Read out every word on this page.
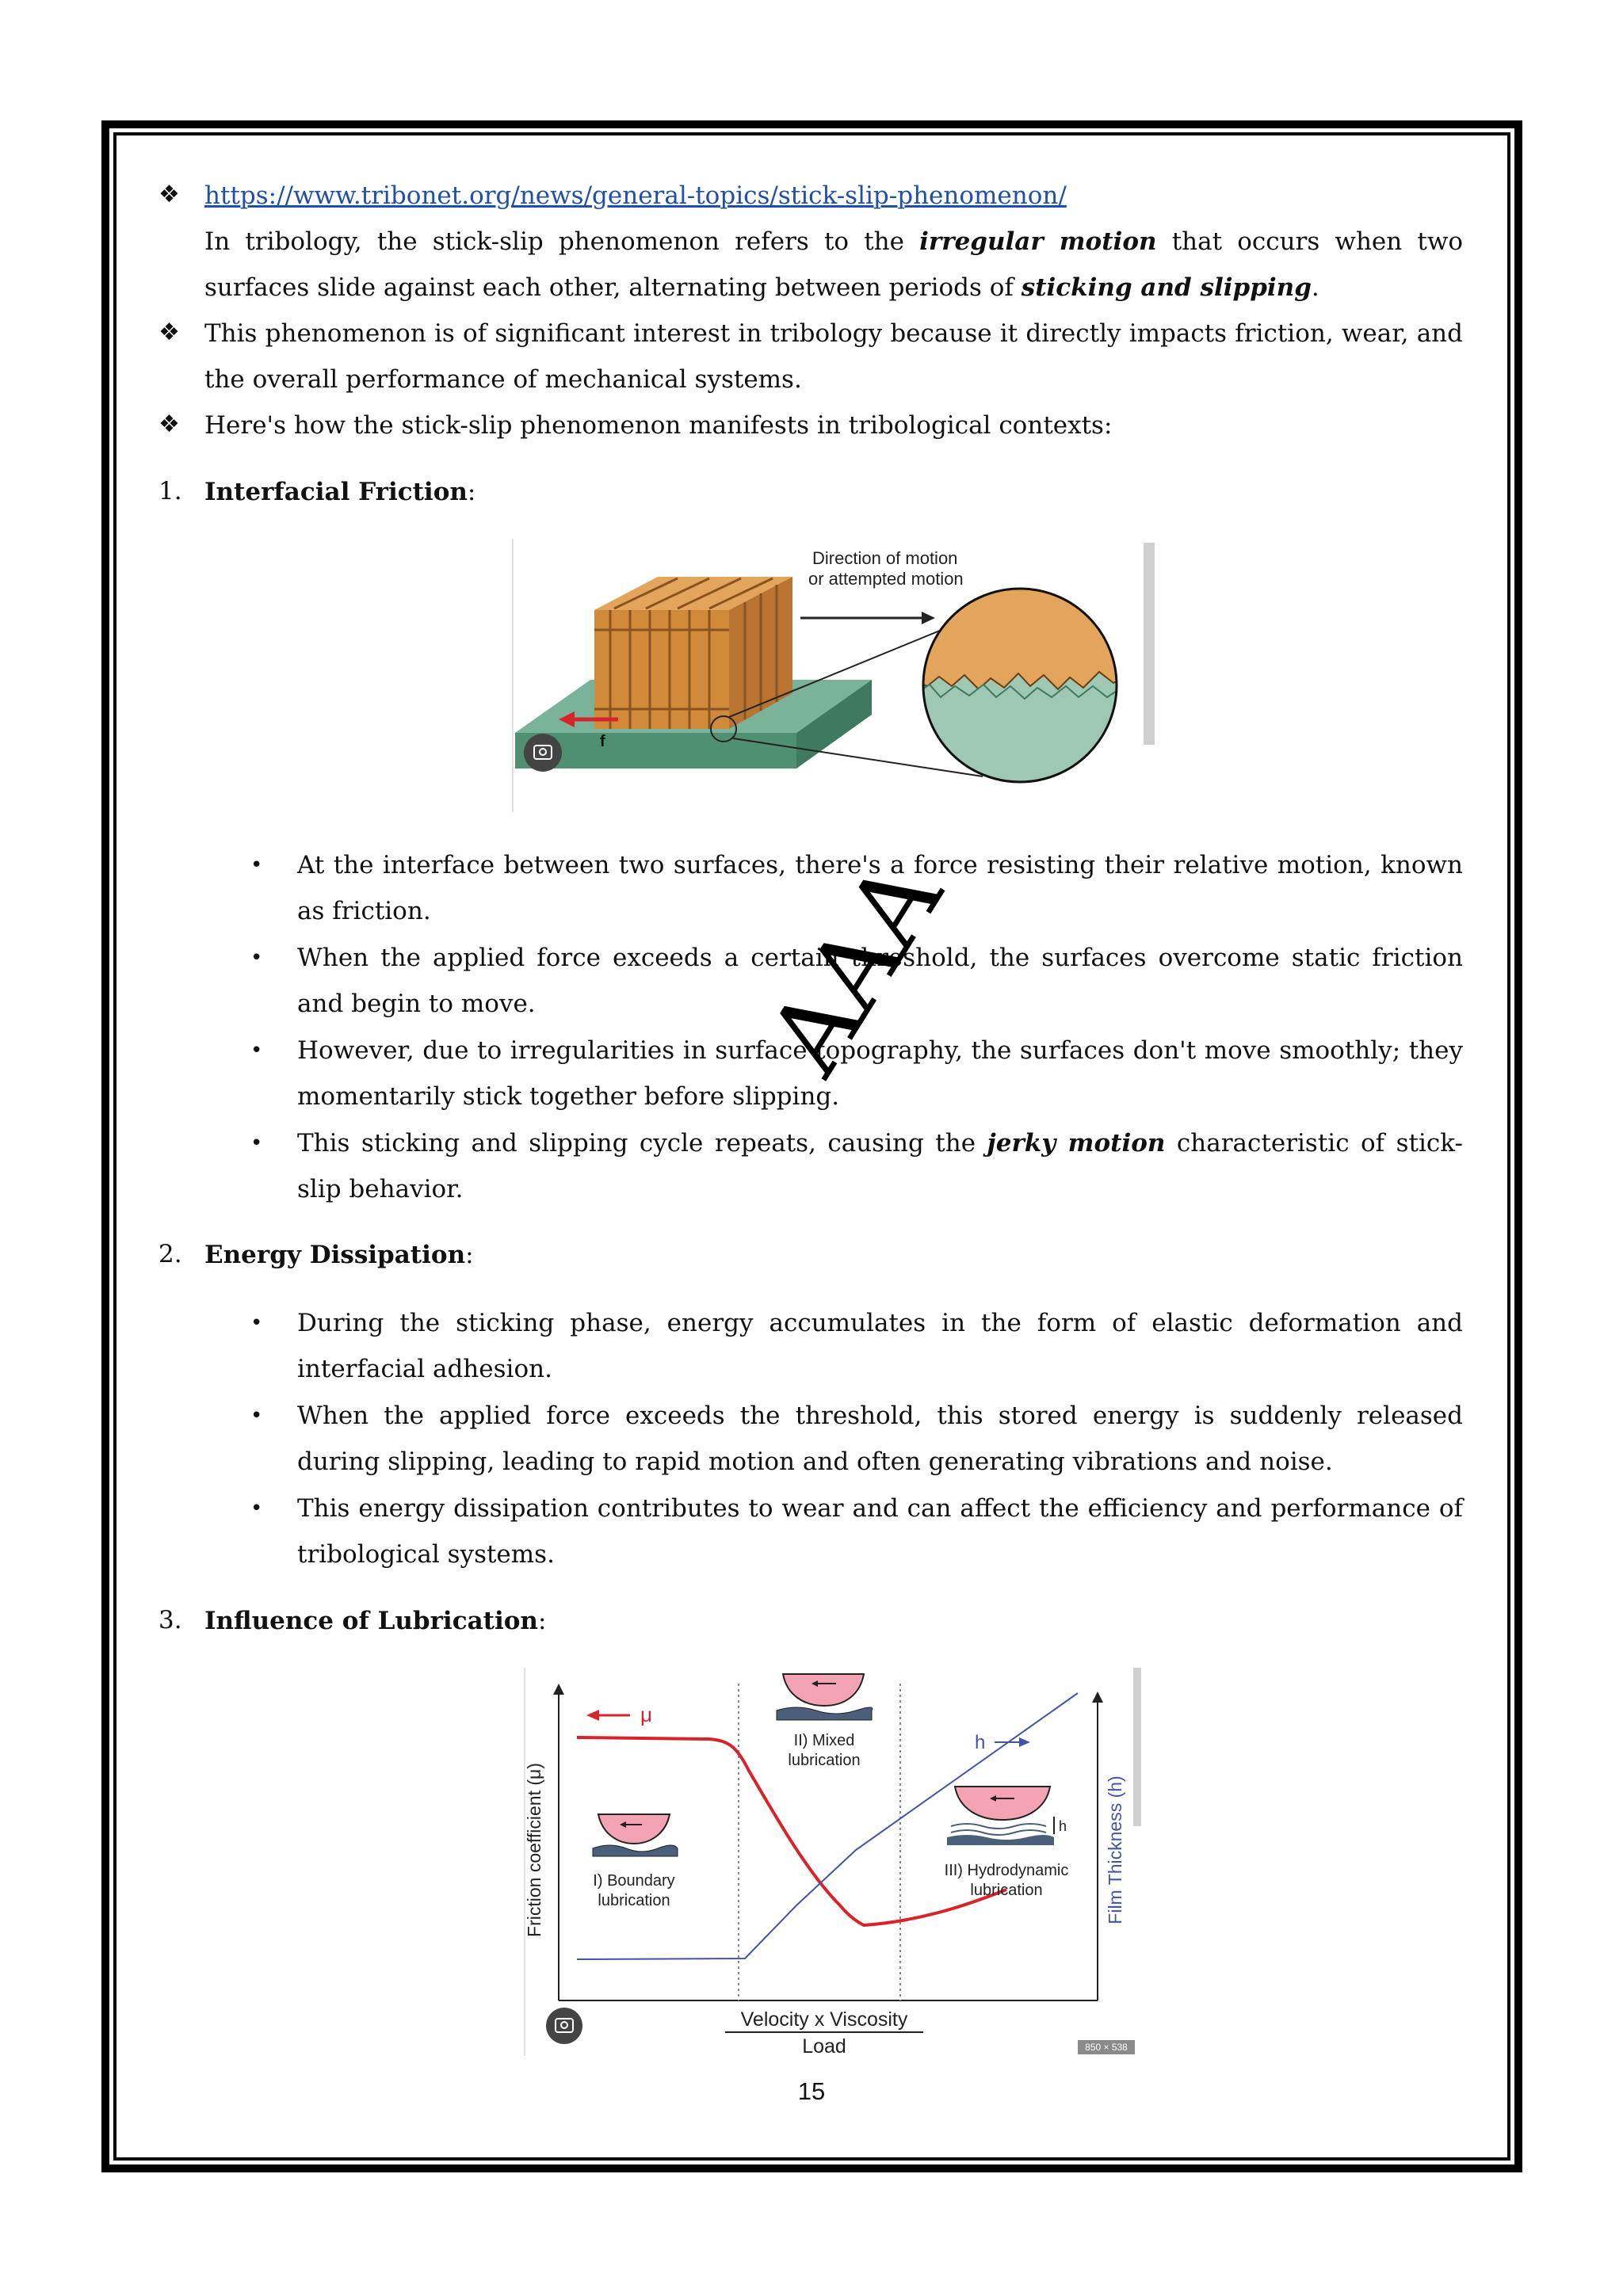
❖ https://www.tribonet.org/news/general-topics/stick-slip-phenomenon/
In tribology, the stick-slip phenomenon refers to the irregular motion that occurs when two surfaces slide against each other, alternating between periods of sticking and slipping.
❖ This phenomenon is of significant interest in tribology because it directly impacts friction, wear, and the overall performance of mechanical systems.
❖ Here's how the stick-slip phenomenon manifests in tribological contexts:
1. Interfacial Friction:
f
Direction of motion
or attempted motion
• At the interface between two surfaces, there's a force resisting their relative motion, known as friction.
• When the applied force exceeds a certain threshold, the surfaces overcome static friction and begin to move.
• However, due to irregularities in surface topography, the surfaces don't move smoothly; they momentarily stick together before slipping.
• This sticking and slipping cycle repeats, causing the jerky motion characteristic of stick-slip behavior.
AAA
2. Energy Dissipation:
• During the sticking phase, energy accumulates in the form of elastic deformation and interfacial adhesion.
• When the applied force exceeds the threshold, this stored energy is suddenly released during slipping, leading to rapid motion and often generating vibrations and noise.
• This energy dissipation contributes to wear and can affect the efficiency and performance of tribological systems.
3. Influence of Lubrication:
μ
h
I) Boundary
lubrication
II) Mixed
lubrication
h
III) Hydrodynamic
lubrication
Friction coefficient (μ)	Film Thickness (h)
Velocity x Viscosity
Load	850 × 538
15
